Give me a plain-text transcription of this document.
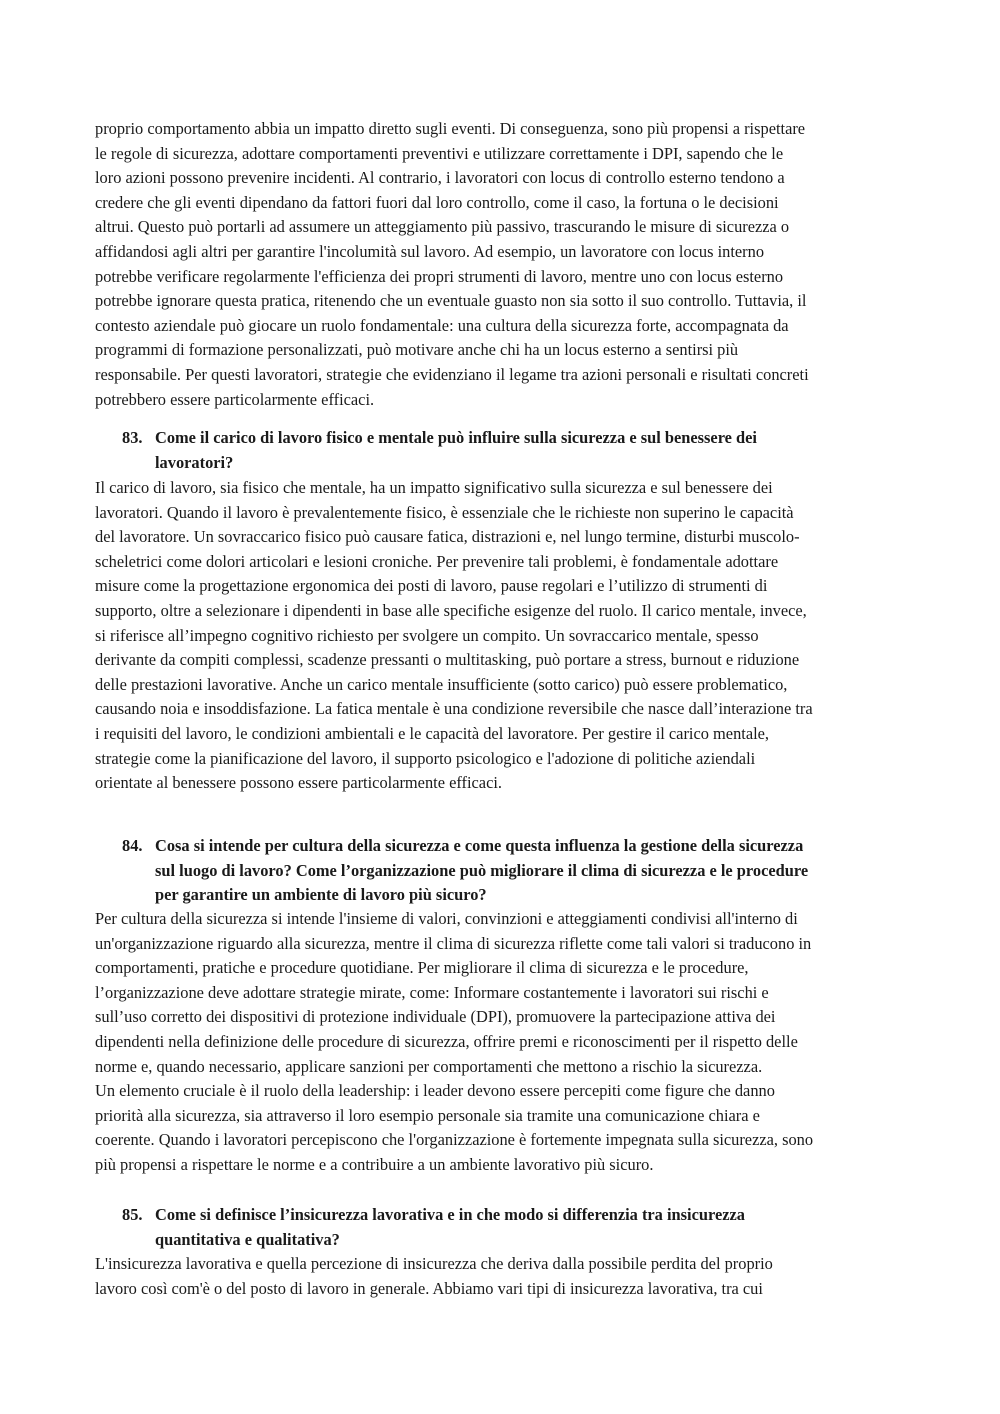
proprio comportamento abbia un impatto diretto sugli eventi. Di conseguenza, sono più propensi a rispettare
le regole di sicurezza, adottare comportamenti preventivi e utilizzare correttamente i DPI, sapendo che le
loro azioni possono prevenire incidenti. Al contrario, i lavoratori con locus di controllo esterno tendono a
credere che gli eventi dipendano da fattori fuori dal loro controllo, come il caso, la fortuna o le decisioni
altrui. Questo può portarli ad assumere un atteggiamento più passivo, trascurando le misure di sicurezza o
affidandosi agli altri per garantire l'incolumità sul lavoro. Ad esempio, un lavoratore con locus interno
potrebbe verificare regolarmente l'efficienza dei propri strumenti di lavoro, mentre uno con locus esterno
potrebbe ignorare questa pratica, ritenendo che un eventuale guasto non sia sotto il suo controllo. Tuttavia, il
contesto aziendale può giocare un ruolo fondamentale: una cultura della sicurezza forte, accompagnata da
programmi di formazione personalizzati, può motivare anche chi ha un locus esterno a sentirsi più
responsabile. Per questi lavoratori, strategie che evidenziano il legame tra azioni personali e risultati concreti
potrebbero essere particolarmente efficaci.
83. Come il carico di lavoro fisico e mentale può influire sulla sicurezza e sul benessere dei
lavoratori?
Il carico di lavoro, sia fisico che mentale, ha un impatto significativo sulla sicurezza e sul benessere dei
lavoratori. Quando il lavoro è prevalentemente fisico, è essenziale che le richieste non superino le capacità
del lavoratore. Un sovraccarico fisico può causare fatica, distrazioni e, nel lungo termine, disturbi muscolo-
scheletrici come dolori articolari e lesioni croniche. Per prevenire tali problemi, è fondamentale adottare
misure come la progettazione ergonomica dei posti di lavoro, pause regolari e l’utilizzo di strumenti di
supporto, oltre a selezionare i dipendenti in base alle specifiche esigenze del ruolo. Il carico mentale, invece,
si riferisce all’impegno cognitivo richiesto per svolgere un compito. Un sovraccarico mentale, spesso
derivante da compiti complessi, scadenze pressanti o multitasking, può portare a stress, burnout e riduzione
delle prestazioni lavorative. Anche un carico mentale insufficiente (sotto carico) può essere problematico,
causando noia e insoddisfazione. La fatica mentale è una condizione reversibile che nasce dall’interazione tra
i requisiti del lavoro, le condizioni ambientali e le capacità del lavoratore. Per gestire il carico mentale,
strategie come la pianificazione del lavoro, il supporto psicologico e l'adozione di politiche aziendali
orientate al benessere possono essere particolarmente efficaci.
84. Cosa si intende per cultura della sicurezza e come questa influenza la gestione della sicurezza
sul luogo di lavoro? Come l’organizzazione può migliorare il clima di sicurezza e le procedure
per garantire un ambiente di lavoro più sicuro?
Per cultura della sicurezza si intende l'insieme di valori, convinzioni e atteggiamenti condivisi all'interno di
un'organizzazione riguardo alla sicurezza, mentre il clima di sicurezza riflette come tali valori si traducono in
comportamenti, pratiche e procedure quotidiane. Per migliorare il clima di sicurezza e le procedure,
l’organizzazione deve adottare strategie mirate, come: Informare costantemente i lavoratori sui rischi e
sull’uso corretto dei dispositivi di protezione individuale (DPI), promuovere la partecipazione attiva dei
dipendenti nella definizione delle procedure di sicurezza, offrire premi e riconoscimenti per il rispetto delle
norme e, quando necessario, applicare sanzioni per comportamenti che mettono a rischio la sicurezza.
Un elemento cruciale è il ruolo della leadership: i leader devono essere percepiti come figure che danno
priorità alla sicurezza, sia attraverso il loro esempio personale sia tramite una comunicazione chiara e
coerente. Quando i lavoratori percepiscono che l'organizzazione è fortemente impegnata sulla sicurezza, sono
più propensi a rispettare le norme e a contribuire a un ambiente lavorativo più sicuro.
85. Come si definisce l’insicurezza lavorativa e in che modo si differenzia tra insicurezza
quantitativa e qualitativa?
L'insicurezza lavorativa e quella percezione di insicurezza che deriva dalla possibile perdita del proprio
lavoro così com'è o del posto di lavoro in generale. Abbiamo vari tipi di insicurezza lavorativa, tra cui
